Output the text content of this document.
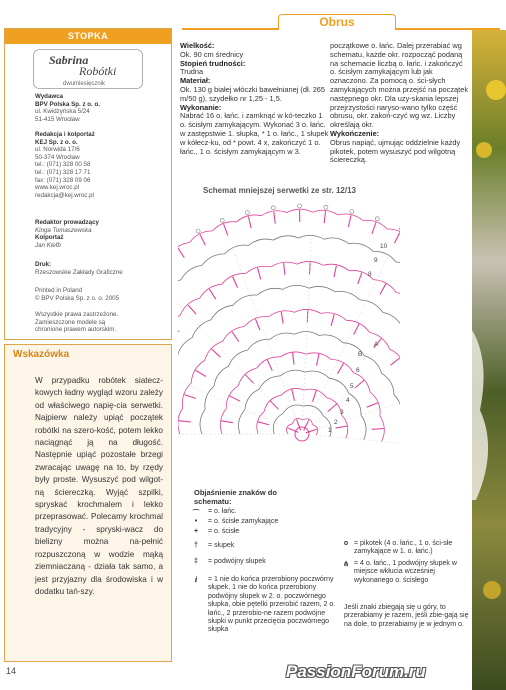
STOPKA
Sabrina
Robótki
dwumiesięcznik
Wydawca
BPV Polska Sp. z o. o.
ul. Kwidzyńska 5/24
51-415 Wrocław
Redakcja i kolportaż
KEJ Sp. z o. o.
ul. Norwida 17/6
50-374 Wrocław
tel.: (071) 328 00 58
tel.: (071) 328 17 71
fax: (071) 328 09 06
www.kej.wroc.pl
redakcja@kej.wroc.pl
Redaktor prowadzący
Kinga Tomaszewska
Kolportaż
Jan Klefb
Druk:
Rzeszowskie Zakłady Graficzne
Printed in Poland
© BPV Polska Sp. z o. o. 2005
Wszystkie prawa zastrzeżone.
Zamieszczone modele są
chronione prawem autorskim.
Wskazówka
W przypadku robótek siatecz-kowych ładny wygląd wzoru zależy od właściwego napię-cia serwetki. Najpierw należy upiąć początek robótki na szero-kość, potem lekko naciągnąć ją na długość. Następnie upiąć pozostałe brzegi zwracając uwagę na to, by rzędy były proste. Wysuszyć pod wilgot-ną ściereczką. Wyjąć szpilki, spryskać krochmalem i lekko przeprasować. Polecamy krochmal tradycyjny - spryski-wacz do bielizny można na-pełnić rozpuszczoną w wodzie mąką ziemniaczaną - działa tak samo, a jest przyjazny dla środowiska i w dodatku tań-szy.
14
Obrus
Wielkość:
Ok. 90 cm średnicy
Stopień trudności:
Trudna
Materiał:
Ok. 130 g białej włóczki bawełnianej (dł. 265 m/50 g), szydełko nr 1,25 - 1,5.
Wykonanie:
Nabrać 16 o. łańc. i zamknąć w kó-teczko 1 o. ścisłym zamykającym. Wykonać 3 o. łańc. w zastępstwie 1. słupka, * 1 o. łańc., 1 słupek w kółecz-ku, od * powt. 4 x, zakończyć 1 o. łańc., 1 o. ścisłym zamykającym w 3.
początkowe o. łańc. Dalej przerabiać wg schematu, każde okr. rozpocząć podaną na schemacie liczbą o. łańc. i zakończyć o. ścisłym zamykającym lub jak oznaczono. Za pomocą o. ści-słych zamykających można przejść na początek następnego okr. Dla uzy-skania lepszej przejrzystości naryso-wano tylko część obrusu, okr. zakoń-czyć wg wz. Liczby określają okr.
Wykończenie:
Obrus napiąć, ujmując oddzielnie każdy pikotek, potem wysuszyć pod wilgotną ściereczką.
Schemat mniejszej serwetki ze str. 12/13
10
9
8
A
B
6
5
4
3
2
1
Objaśnienie znaków do schematu:
⌒	= o. łańc.
•	= o. ścisłe zamykające
+	= o. ścisłe
†	= słupek
‡	= podwójny słupek
ⅈ	= 1 nie do końca przerobiony poczwórny słupek, 1 nie do końca przerobiony podwójny słupek w 2. o. poczwórnego słupka, obie pętelki przerobić razem, 2 o. łańc., 2 przerobio-ne razem podwójne słupki w punkt przecięcia poczwórnego słupka
o = pikotek (4 o. łańc., 1 o. ści-słe zamykające w 1. o. łańc.)
⋔ = 4 o. łańc., 1 podwójny słupek w miejsce wkłucia wcześniej wykonanego o. ścisłego
Jeśli znaki zbiegają się u góry, to przerabiamy je razem, jeśli zbie-gają się na dole, to przerabiamy je w jednym o.
PassionForum.ru
